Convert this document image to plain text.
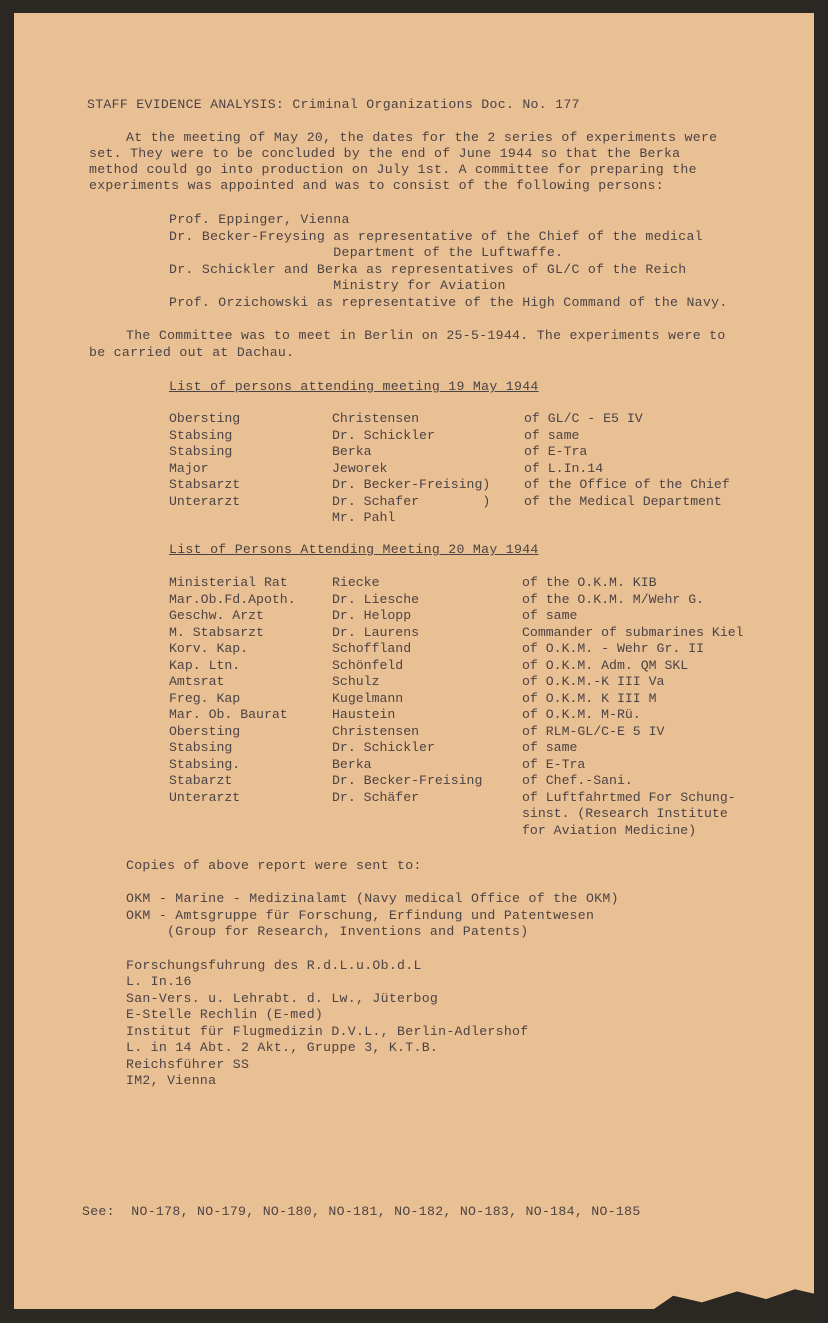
STAFF EVIDENCE ANALYSIS: Criminal Organizations Doc. No. 177
At the meeting of May 20, the dates for the 2 series of experiments were
set. They were to be concluded by the end of June 1944 so that the Berka
method could go into production on July 1st. A committee for preparing the
experiments was appointed and was to consist of the following persons:
Prof. Eppinger, Vienna
Dr. Becker-Freysing as representative of the Chief of the medical
Department of the Luftwaffe.
Dr. Schickler and Berka as representatives of GL/C of the Reich
Ministry for Aviation
Prof. Orzichowski as representative of the High Command of the Navy.
The Committee was to meet in Berlin on 25-5-1944. The experiments were to
be carried out at Dachau.
List of persons attending meeting 19 May 1944
Obersting	Christensen	of GL/C - E5 IV
Stabsing	Dr. Schickler	of same
Stabsing	Berka	of E-Tra
Major	Jeworek	of L.In.14
Stabsarzt	Dr. Becker-Freising)	of the Office of the Chief
Unterarzt	Dr. Schafer        )	of the Medical Department
Mr. Pahl
List of Persons Attending Meeting 20 May 1944
Ministerial Rat	Riecke	of the O.K.M. KIB
Mar.Ob.Fd.Apoth.	Dr. Liesche	of the O.K.M. M/Wehr G.
Geschw. Arzt	Dr. Helopp	of same
M. Stabsarzt	Dr. Laurens	Commander of submarines Kiel
Korv. Kap.	Schoffland	of O.K.M. - Wehr Gr. II
Kap. Ltn.	Schönfeld	of O.K.M. Adm. QM SKL
Amtsrat	Schulz	of O.K.M.-K III Va
Freg. Kap	Kugelmann	of O.K.M. K III M
Mar. Ob. Baurat	Haustein	of O.K.M. M-Rü.
Obersting	Christensen	of RLM-GL/C-E 5 IV
Stabsing	Dr. Schickler	of same
Stabsing.	Berka	of E-Tra
Stabarzt	Dr. Becker-Freising	of Chef.-Sani.
Unterarzt	Dr. Schäfer	of Luftfahrtmed For Schung-
sinst. (Research Institute
for Aviation Medicine)
Copies of above report were sent to:
OKM - Marine - Medizinalamt (Navy medical Office of the OKM)
OKM - Amtsgruppe für Forschung, Erfindung und Patentwesen
(Group for Research, Inventions and Patents)
Forschungsfuhrung des R.d.L.u.Ob.d.L
L. In.16
San-Vers. u. Lehrabt. d. Lw., Jüterbog
E-Stelle Rechlin (E-med)
Institut für Flugmedizin D.V.L., Berlin-Adlershof
L. in 14 Abt. 2 Akt., Gruppe 3, K.T.B.
Reichsführer SS
IM2, Vienna
See:  NO-178, NO-179, NO-180, NO-181, NO-182, NO-183, NO-184, NO-185
